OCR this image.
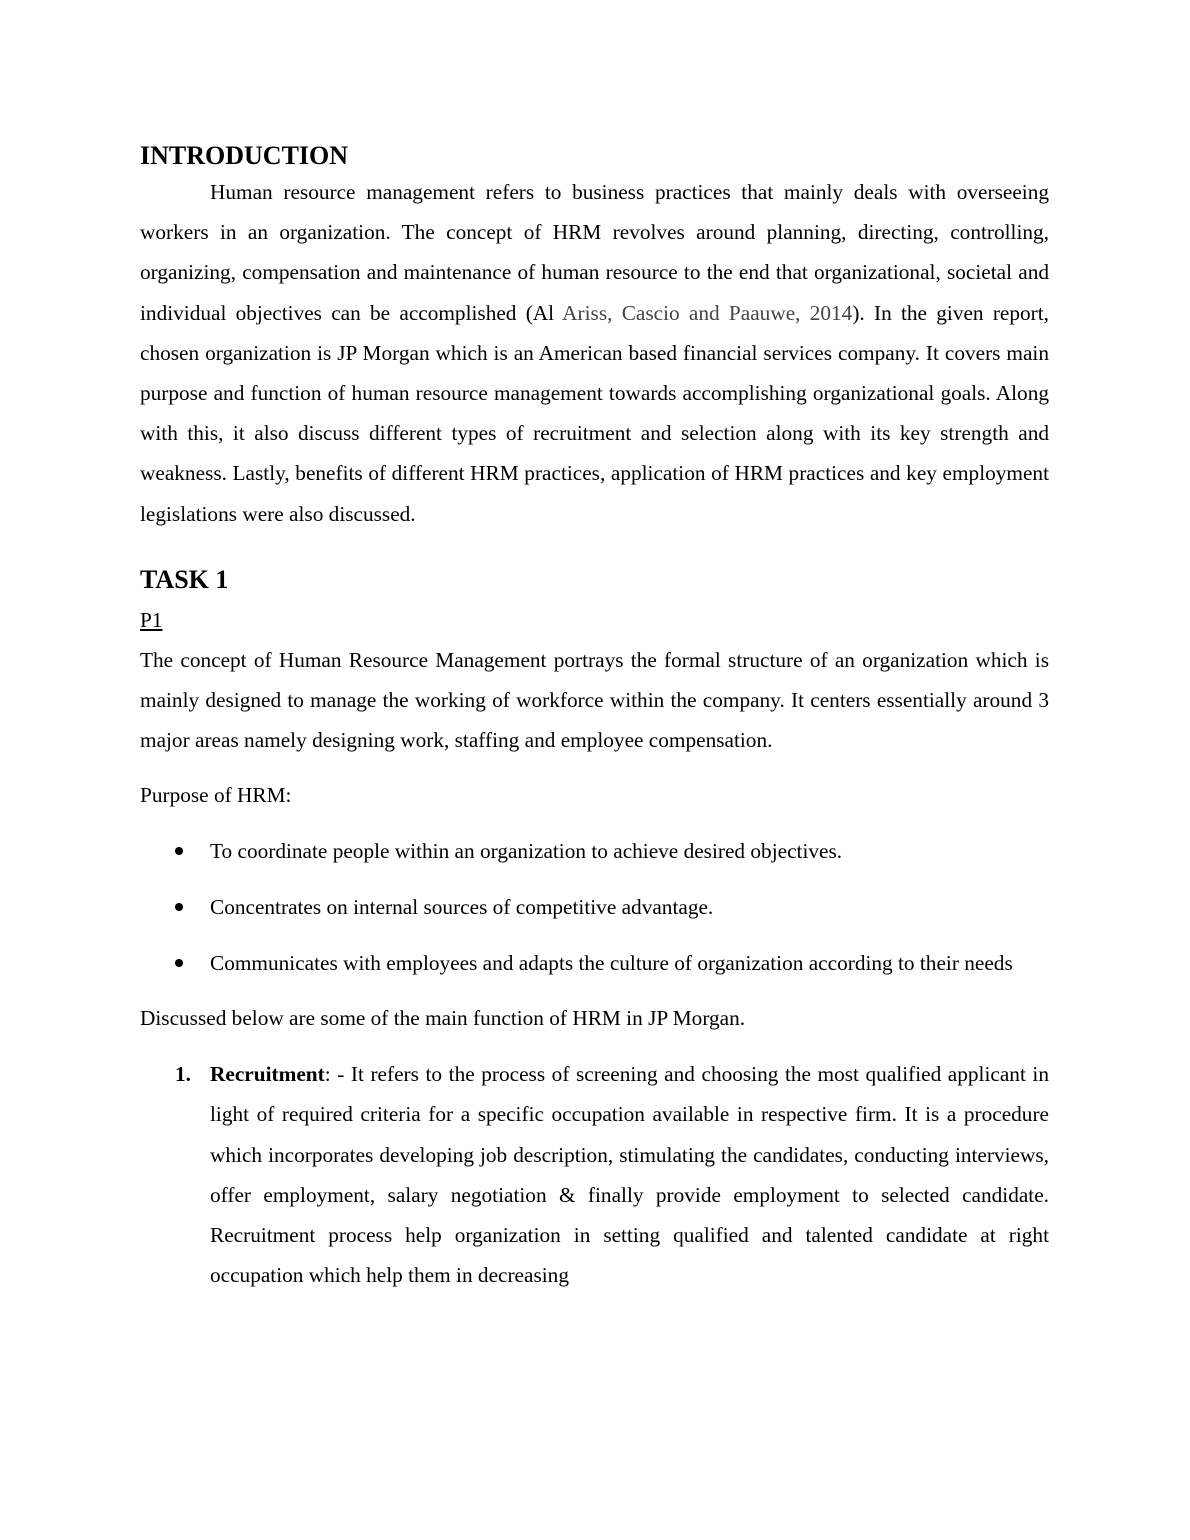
INTRODUCTION

Human resource management refers to business practices that mainly deals with overseeing workers in an organization. The concept of HRM revolves around planning, directing, controlling, organizing, compensation and maintenance of human resource to the end that organizational, societal and individual objectives can be accomplished (Al Ariss, Cascio and Paauwe, 2014). In the given report, chosen organization is JP Morgan which is an American based financial services company. It covers main purpose and function of human resource management towards accomplishing organizational goals. Along with this, it also discuss different types of recruitment and selection along with its key strength and weakness. Lastly, benefits of different HRM practices, application of HRM practices and key employment legislations were also discussed.

TASK 1

P1

The concept of Human Resource Management portrays the formal structure of an organization which is mainly designed to manage the working of workforce within the company. It centers essentially around 3 major areas namely designing work, staffing and employee compensation.

Purpose of HRM:

To coordinate people within an organization to achieve desired objectives.
Concentrates on internal sources of competitive advantage.
Communicates with employees and adapts the culture of organization according to their needs

Discussed below are some of the main function of HRM in JP Morgan.

1. Recruitment: - It refers to the process of screening and choosing the most qualified applicant in light of required criteria for a specific occupation available in respective firm. It is a procedure which incorporates developing job description, stimulating the candidates, conducting interviews, offer employment, salary negotiation & finally provide employment to selected candidate. Recruitment process help organization in setting qualified and talented candidate at right occupation which help them in decreasing
